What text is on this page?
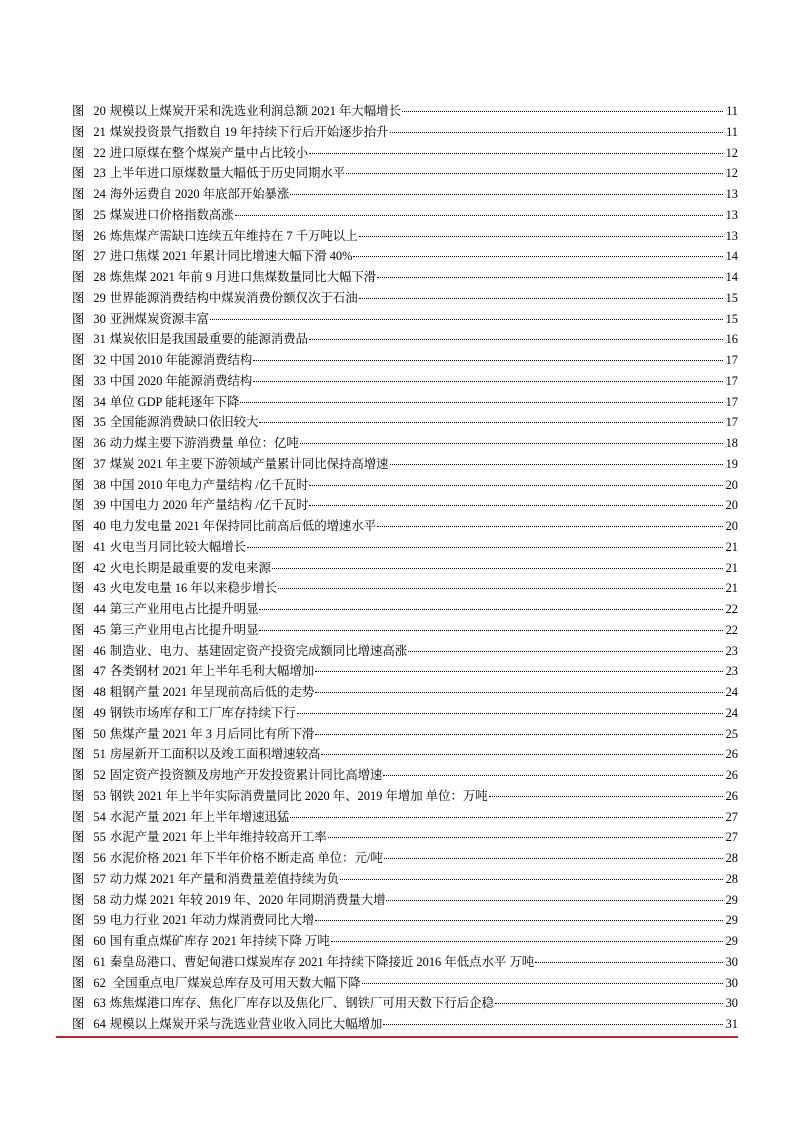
图 20 规模以上煤炭开采和洗选业利润总额 2021 年大幅增长	11
图 21 煤炭投资景气指数自 19 年持续下行后开始逐步抬升	11
图 22 进口原煤在整个煤炭产量中占比较小	12
图 23 上半年进口原煤数量大幅低于历史同期水平	12
图 24 海外运费自 2020 年底部开始暴涨	13
图 25 煤炭进口价格指数高涨	13
图 26 炼焦煤产需缺口连续五年维持在 7 千万吨以上	13
图 27 进口焦煤 2021 年累计同比增速大幅下滑 40%	14
图 28 炼焦煤 2021 年前 9 月进口焦煤数量同比大幅下滑	14
图 29 世界能源消费结构中煤炭消费份额仅次于石油	15
图 30 亚洲煤炭资源丰富	15
图 31 煤炭依旧是我国最重要的能源消费品	16
图 32 中国 2010 年能源消费结构	17
图 33 中国 2020 年能源消费结构	17
图 34 单位 GDP 能耗逐年下降	17
图 35 全国能源消费缺口依旧较大	17
图 36 动力煤主要下游消费量 单位：亿吨	18
图 37 煤炭 2021 年主要下游领域产量累计同比保持高增速	19
图 38 中国 2010 年电力产量结构 /亿千瓦时	20
图 39 中国电力 2020 年产量结构 /亿千瓦时	20
图 40 电力发电量 2021 年保持同比前高后低的增速水平	20
图 41 火电当月同比较大幅增长	21
图 42 火电长期是最重要的发电来源	21
图 43 火电发电量 16 年以来稳步增长	21
图 44 第三产业用电占比提升明显	22
图 45 第三产业用电占比提升明显	22
图 46 制造业、电力、基建固定资产投资完成额同比增速高涨	23
图 47 各类钢材 2021 年上半年毛利大幅增加	23
图 48 粗钢产量 2021 年呈现前高后低的走势	24
图 49 钢铁市场库存和工厂库存持续下行	24
图 50 焦煤产量 2021 年 3 月后同比有所下滑	25
图 51 房屋新开工面积以及竣工面积增速较高	26
图 52 固定资产投资额及房地产开发投资累计同比高增速	26
图 53 钢铁 2021 年上半年实际消费量同比 2020 年、2019 年增加 单位：万吨	26
图 54 水泥产量 2021 年上半年增速迅猛	27
图 55 水泥产量 2021 年上半年维持较高开工率	27
图 56 水泥价格 2021 年下半年价格不断走高 单位：元/吨	28
图 57 动力煤 2021 年产量和消费量差值持续为负	28
图 58 动力煤 2021 年较 2019 年、2020 年同期消费量大增	29
图 59 电力行业 2021 年动力煤消费同比大增	29
图 60 国有重点煤矿库存 2021 年持续下降 万吨	29
图 61 秦皇岛港口、曹妃甸港口煤炭库存 2021 年持续下降接近 2016 年低点水平 万吨	30
图 62 全国重点电厂煤炭总库存及可用天数大幅下降	30
图 63 炼焦煤港口库存、焦化厂库存以及焦化厂、钢铁厂可用天数下行后企稳	30
图 64 规模以上煤炭开采与洗选业营业收入同比大幅增加	31
